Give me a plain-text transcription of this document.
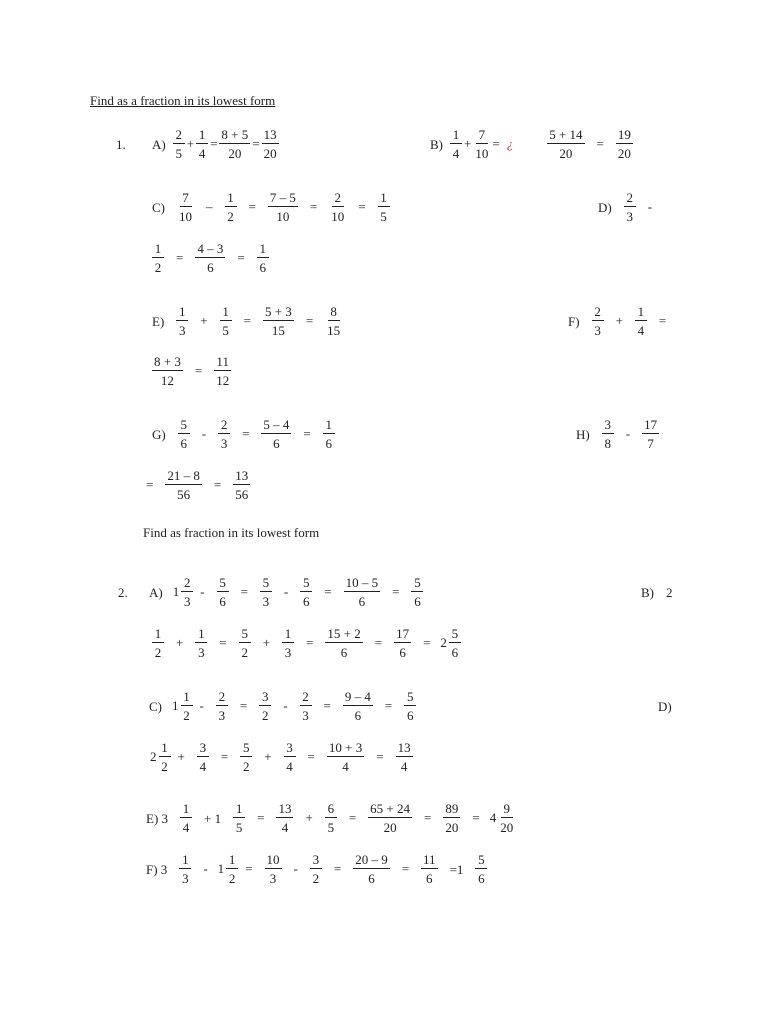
Find as a fraction in its lowest form
1.
Find as fraction in its lowest form
2.
$A) \frac{2}{5} + \frac{1}{4} = \frac{8 + 5}{20} = \frac{13}{20}$	$B) \frac{1}{4} + \frac{7}{10}$ = ¿	$\frac{5 + 14}{20} = \frac{19}{20}$
$C) \frac{7}{10} - \frac{1}{2} = \frac{7 - 5}{10} = \frac{2}{10} = \frac{1}{5}$	$D) \frac{2}{3}$ -
$\frac{1}{2} = \frac{4 - 3}{6} = \frac{1}{6}$
$E) \frac{1}{3} + \frac{1}{5} = \frac{5 + 3}{15} = \frac{8}{15}$	$F) \frac{2}{3} + \frac{1}{4}$ =
$\frac{8 + 3}{12} = \frac{11}{12}$
$G) \frac{5}{6} - \frac{2}{3} = \frac{5 - 4}{6} = \frac{1}{6}$	$H) \frac{3}{8} - \frac{17}{7}$
= $\frac{21 - 8}{56} = \frac{13}{56}$
A) $1 \frac{2}{3} - \frac{5}{6} = \frac{5}{3} - \frac{5}{6} = \frac{10 - 5}{6} = \frac{5}{6}$	B) 2
$\frac{1}{2} + \frac{1}{3} = \frac{5}{2} + \frac{1}{3} = \frac{15 + 2}{6} = \frac{17}{6} = 2 \frac{5}{6}$
C) $1 \frac{1}{2} - \frac{2}{3} = \frac{3}{2} - \frac{2}{3} = \frac{9 - 4}{6} = \frac{5}{6}$	D)
$2 \frac{1}{2} + \frac{3}{4} = \frac{5}{2} + \frac{3}{4} = \frac{10 + 3}{4} = \frac{13}{4}$
E) $3 \frac{1}{4} + 1 \frac{1}{5} = \frac{13}{4} + \frac{6}{5} = \frac{65 + 24}{20} = \frac{89}{20} = 4 \frac{9}{20}$
F) $3 \frac{1}{3} - 1 \frac{1}{2} = \frac{10}{3} - \frac{3}{2} = \frac{20 - 9}{6} = \frac{11}{6} =1 \frac{5}{6}$
